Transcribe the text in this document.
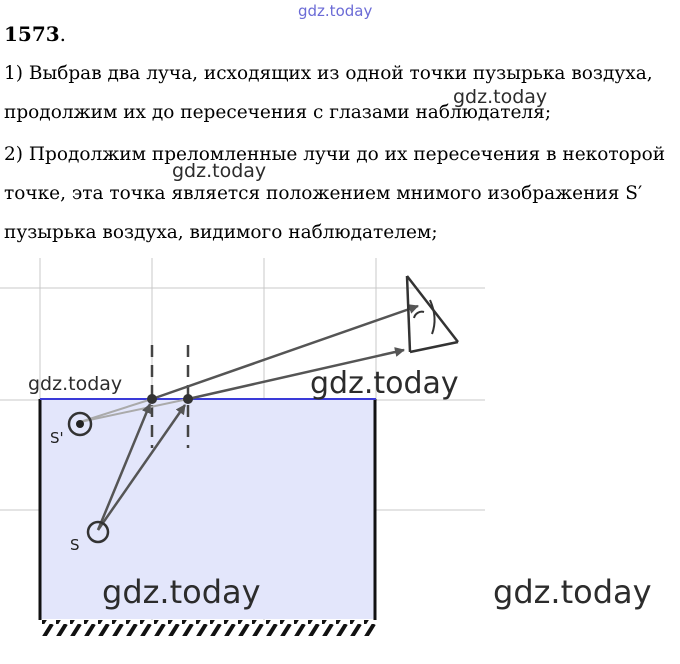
gdz.today
1573.
1) Выбрав два луча, исходящих из одной точки пузырька воздуха,
продолжим их до пересечения с глазами наблюдателя;
2) Продолжим преломленные лучи до их пересечения в некоторой
точке, эта точка является положением мнимого изображения S′
пузырька воздуха, видимого наблюдателем;
gdz.today
gdz.today
S'
S
gdz.today	gdz.today
gdz.today	gdz.today
